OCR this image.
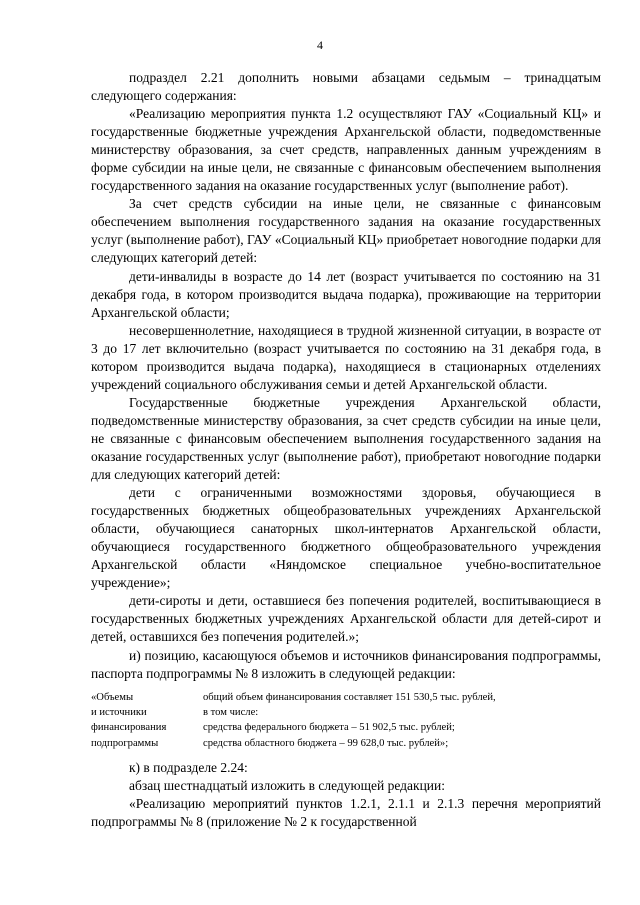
4

подраздел 2.21 дополнить новыми абзацами седьмым – тринадцатым следующего содержания:

«Реализацию мероприятия пункта 1.2 осуществляют ГАУ «Социальный КЦ» и государственные бюджетные учреждения Архангельской области, подведомственные министерству образования, за счет средств, направленных данным учреждениям в форме субсидии на иные цели, не связанные с финансовым обеспечением выполнения государственного задания на оказание государственных услуг (выполнение работ).

За счет средств субсидии на иные цели, не связанные с финансовым обеспечением выполнения государственного задания на оказание государственных услуг (выполнение работ), ГАУ «Социальный КЦ» приобретает новогодние подарки для следующих категорий детей:

дети-инвалиды в возрасте до 14 лет (возраст учитывается по состоянию на 31 декабря года, в котором производится выдача подарка), проживающие на территории Архангельской области;

несовершеннолетние, находящиеся в трудной жизненной ситуации, в возрасте от 3 до 17 лет включительно (возраст учитывается по состоянию на 31 декабря года, в котором производится выдача подарка), находящиеся в стационарных отделениях учреждений социального обслуживания семьи и детей Архангельской области.

Государственные бюджетные учреждения Архангельской области, подведомственные министерству образования, за счет средств субсидии на иные цели, не связанные с финансовым обеспечением выполнения государственного задания на оказание государственных услуг (выполнение работ), приобретают новогодние подарки для следующих категорий детей:

дети с ограниченными возможностями здоровья, обучающиеся в государственных бюджетных общеобразовательных учреждениях Архангельской области, обучающиеся санаторных школ-интернатов Архангельской области, обучающиеся государственного бюджетного общеобразовательного учреждения Архангельской области «Няндомское специальное учебно-воспитательное учреждение»;

дети-сироты и дети, оставшиеся без попечения родителей, воспитывающиеся в государственных бюджетных учреждениях Архангельской области для детей-сирот и детей, оставшихся без попечения родителей.»;

и) позицию, касающуюся объемов и источников финансирования подпрограммы, паспорта подпрограммы № 8 изложить в следующей редакции:

«Объемы
и источники
финансирования
подпрограммы
общий объем финансирования составляет 151 530,5 тыс. рублей,
в том числе:
средства федерального бюджета – 51 902,5 тыс. рублей;
средства областного бюджета – 99 628,0 тыс. рублей»;

к) в подразделе 2.24:

абзац шестнадцатый изложить в следующей редакции:

«Реализацию мероприятий пунктов 1.2.1, 2.1.1 и 2.1.3 перечня мероприятий подпрограммы № 8 (приложение № 2 к государственной
